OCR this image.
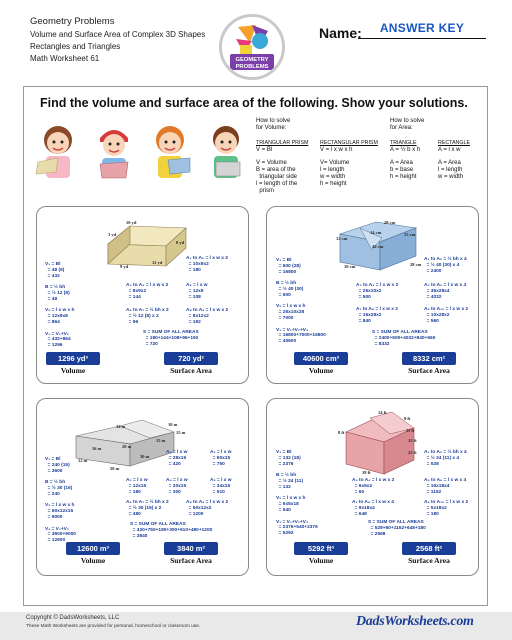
Geometry Problems
Volume and Surface Area of Complex 3D Shapes
Rectangles and Triangles
Math Worksheet 61	GEOMETRY
PROBLEMS
Name:	ANSWER KEY
Find the volume and surface area of the following. Show your solutions.
How to solve
for Volume:
TRIANGULAR PRISM
V = Bl
V = Volume
B = area of the
triangular side
l = length of the
prism
RECTANGULAR PRISM
V = l x w x h
V= Volume
l = length
w = width
h = height
How to solve
for Area:
TRIANGLE
A = ½ b x h
A = Area
b = base
h = height
RECTANGLE
A = l x w
A = Area
l = length
w = width
10 yd
3 yd
12 yd
9 yd
8 yd
V₁ = Bl
= 48 (9)
= 432

B = ½ bh
= ½ 12 (8)
= 48

V₂ = l x w x h
= 12x9x8
= 864

V₁ = V₁+V₂
= 432+864
= 1296
A₁ to A₂ = l x w x 2
= 10x9x2
= 180
A₃ to A₄ = l x w x 2
= 8x9x2
= 144
A₅ = l x w
= 12x9
= 108
A₆ to A₇ = ½ bh x 2
= ½ 12 (8) x 2
= 96
A₈ to A₉ = l x w x 2
= 8x12x2
= 192
S = SUM OF ALL AREAS
= 180+144+108+96+192
= 720
1296 yd³	720 yd²
Volume	Surface Area
28 cm
15 cm
14 cm
12 cm
40 cm
10 cm	28 cm
V₁ = Bl
= 600 (28)
= 16800

B = ½ bh
= ½ 40 (30)
= 600

V₂ = l x w x h
= 25x10x28
= 7000

V₁ = V₁+V₂+V₃
= 16800+7000+16800
= 40600
A₁ to A₂ = ½ bh x 4
= ½ 40 (30) x 4
= 2400
A₃ to A₄ = l x w x 2
= 25x10x2
= 500
A₅ to A₆ = l x w x 4
= 36x28x4
= 4032
A₇ to A₈ = l x w x 2
= 15x28x2
= 840
A₉ to A₁₀ = l x w x 2
= 10x28x2
= 560
S = SUM OF ALL AREAS
= 2400+500+4032+840+560
= 8332
40600 cm³	8332 cm²
Volume	Surface Area
34 m	10 m
15 m
15 m
20 m
16 m
30 m
12 m
50 m
V₁ = Bl
= 240 (15)
= 3600

B = ½ bh
= ½ 30 (16)
= 240

V₂ = l x w x h
= 50x12x15
= 9000

V₁ = V₁+V₂
= 3600+9000
= 12600
A₁ = l x w
= 28x15
= 420
A₂ = l x w
= 50x15
= 750
A₃ = l x w
= 12x15
= 180
A₄ = l x w
= 20x15
= 300
A₅ = l x w
= 34x15
= 510
A₆ to A₇ = ½ bh x 2
= ½ 30 (16) x 2
= 480
A₈ to A₉ = l x w x 2
= 50x12x2
= 1200
S = SUM OF ALL AREAS
= 420+750+180+300+510+480+1200
= 3840
12600 m³	3840 m²
Volume	Surface Area
14 ft
9 ft
11 ft
8 ft
12 ft
22 ft
18 ft
V₁ = Bl
= 132 (18)
= 2376

B = ½ bh
= ½ 24 (11)
= 132

V₂ = l x w x h
= 6x5x18
= 540

V₁ = V₁+V₂+V₃
= 2376+540+2376
= 5292
A₁ to A₂ = ½ bh x 4
= ½ 24 (11) x 4
= 528
A₃ to A₄ = l x w x 2
= 6x5x2
= 60
A₅ to A₆ = l x w x 4
= 16x18x4
= 1152
A₇ to A₈ = l x w x 4
= 9x18x4
= 648
A₉ to A₁₀ = l x w x 2
= 5x18x2
= 180
S = SUM OF ALL AREAS
= 528+60+1152+648+180
= 2568
5292 ft³	2568 ft²
Volume	Surface Area
Copyright © DadsWorksheets, LLC
These Math Worksheets are provided for personal, homeschool or classroom use.	DadsWorksheets.com
